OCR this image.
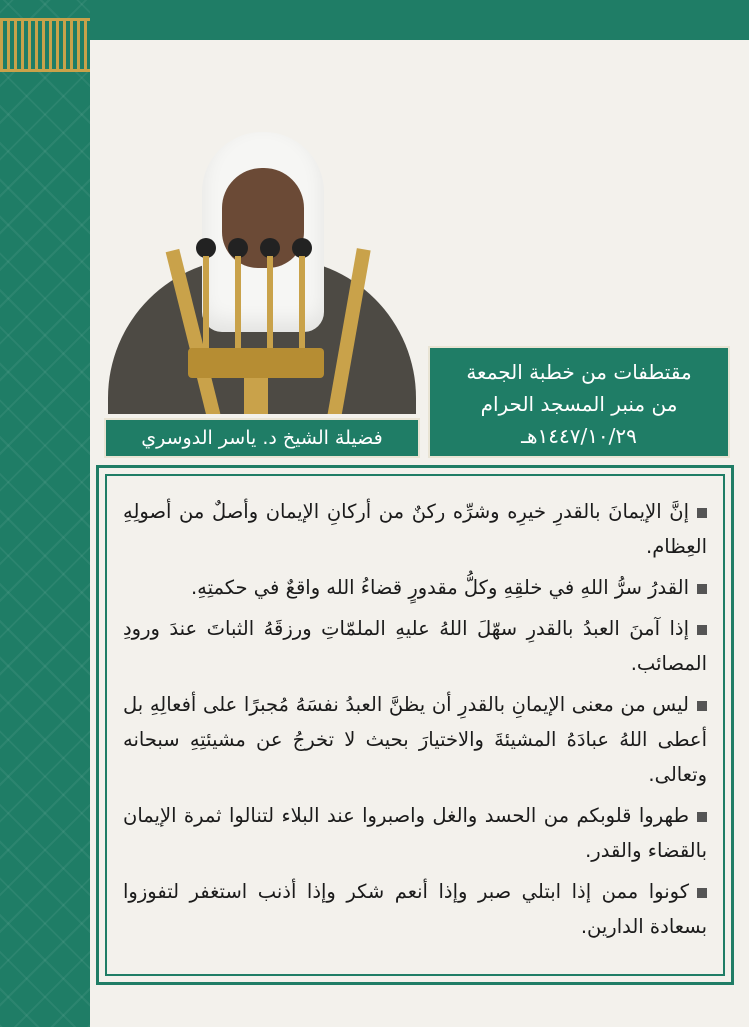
فضيلة الشيخ د. ياسر الدوسري
مقتطفات من خطبة الجمعة
من منبر المسجد الحرام
١٤٤٧/١٠/٢٩هـ

إنَّ الإيمانَ بالقدرِ خيرِه وشرِّه ركنٌ من أركانِ الإيمان وأصلٌ من أصولِهِ العِظام.

القدرُ سرُّ اللهِ في خلقِهِ وكلُّ مقدورٍ قضاءُ الله واقعٌ في حكمتِهِ.

إذا آمنَ العبدُ بالقدرِ سهّلَ اللهُ عليهِ الملمّاتِ ورزقَهُ الثباتَ عندَ ورودِ المصائب.

ليس من معنى الإيمانِ بالقدرِ أن يظنَّ العبدُ نفسَهُ مُجبرًا على أفعالِهِ بل أعطى اللهُ عبادَهُ المشيئةَ والاختيارَ بحيث لا تخرجُ عن مشيئتِهِ سبحانه وتعالى.

طهروا قلوبكم من الحسد والغل واصبروا عند البلاء لتنالوا ثمرة الإيمان بالقضاء والقدر.

كونوا ممن إذا ابتلي صبر وإذا أنعم شكر وإذا أذنب استغفر لتفوزوا بسعادة الدارين.
